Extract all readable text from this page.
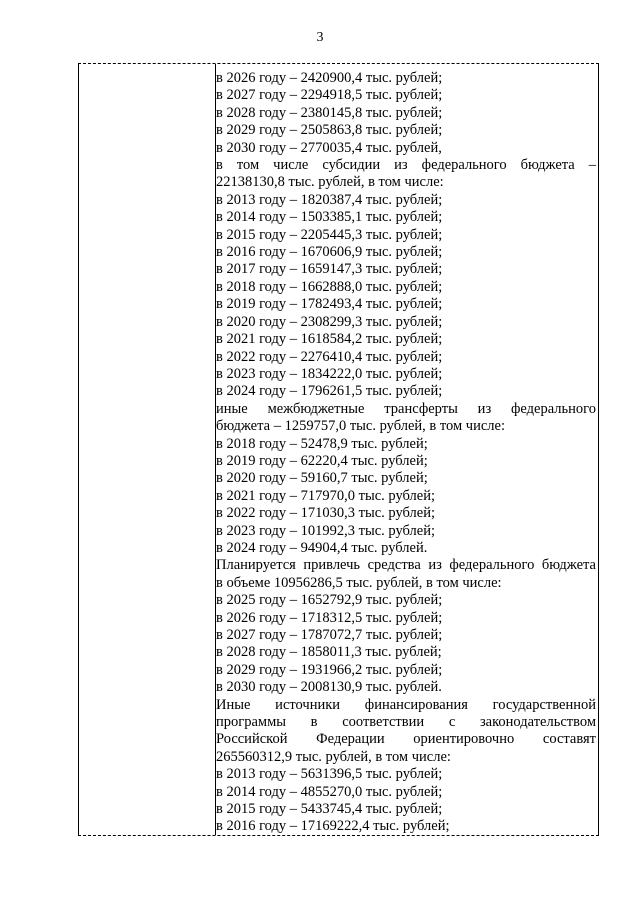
3
в 2026 году – 2420900,4 тыс. рублей;
в 2027 году – 2294918,5 тыс. рублей;
в 2028 году – 2380145,8 тыс. рублей;
в 2029 году – 2505863,8 тыс. рублей;
в 2030 году – 2770035,4 тыс. рублей,
в том числе субсидии из федерального бюджета –
22138130,8 тыс. рублей, в том числе:
в 2013 году – 1820387,4 тыс. рублей;
в 2014 году – 1503385,1 тыс. рублей;
в 2015 году – 2205445,3 тыс. рублей;
в 2016 году – 1670606,9 тыс. рублей;
в 2017 году – 1659147,3 тыс. рублей;
в 2018 году – 1662888,0 тыс. рублей;
в 2019 году – 1782493,4 тыс. рублей;
в 2020 году – 2308299,3 тыс. рублей;
в 2021 году – 1618584,2 тыс. рублей;
в 2022 году – 2276410,4 тыс. рублей;
в 2023 году – 1834222,0 тыс. рублей;
в 2024 году – 1796261,5 тыс. рублей;
иные межбюджетные трансферты из федерального
бюджета – 1259757,0 тыс. рублей, в том числе:
в 2018 году – 52478,9 тыс. рублей;
в 2019 году – 62220,4 тыс. рублей;
в 2020 году – 59160,7 тыс. рублей;
в 2021 году – 717970,0 тыс. рублей;
в 2022 году – 171030,3 тыс. рублей;
в 2023 году – 101992,3 тыс. рублей;
в 2024 году – 94904,4 тыс. рублей.
Планируется привлечь средства из федерального бюджета
в объеме 10956286,5 тыс. рублей, в том числе:
в 2025 году – 1652792,9 тыс. рублей;
в 2026 году – 1718312,5 тыс. рублей;
в 2027 году – 1787072,7 тыс. рублей;
в 2028 году – 1858011,3 тыс. рублей;
в 2029 году – 1931966,2 тыс. рублей;
в 2030 году – 2008130,9 тыс. рублей.
Иные источники финансирования государственной
программы в соответствии с законодательством
Российской Федерации ориентировочно составят
265560312,9 тыс. рублей, в том числе:
в 2013 году – 5631396,5 тыс. рублей;
в 2014 году – 4855270,0 тыс. рублей;
в 2015 году – 5433745,4 тыс. рублей;
в 2016 году – 17169222,4 тыс. рублей;
